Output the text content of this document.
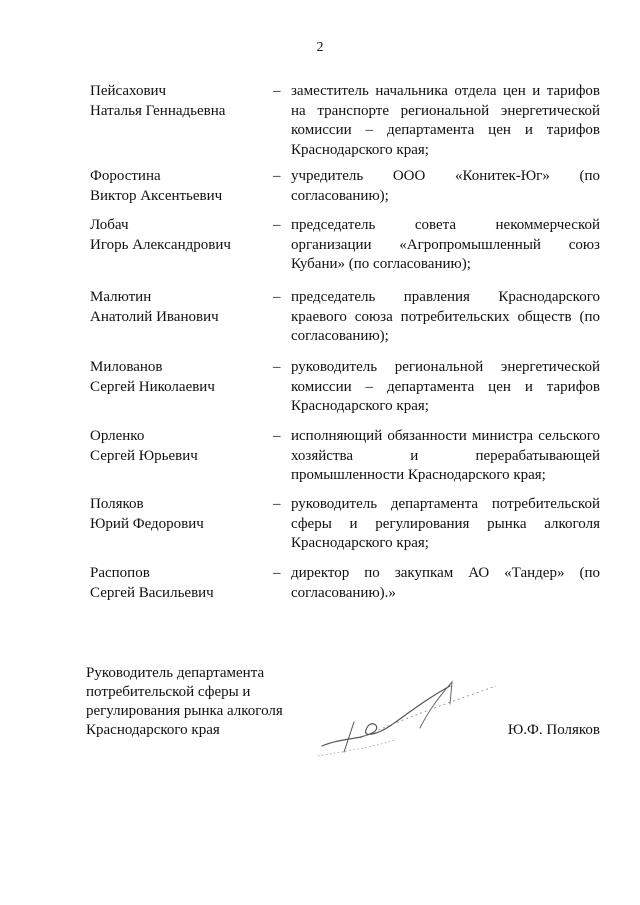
2
Пейсахович
Наталья Геннадьевна
– заместитель начальника отдела цен и тарифов на транспорте региональной энергетической комиссии – департамента цен и тарифов Краснодарского края;
Форостина
Виктор Аксентьевич
– учредитель ООО «Конитек-Юг» (по согласованию);
Лобач
Игорь Александрович
– председатель совета некоммерческой организации «Агропромышленный союз Кубани» (по согласованию);
Малютин
Анатолий Иванович
– председатель правления Краснодарского краевого союза потребительских обществ (по согласованию);
Милованов
Сергей Николаевич
– руководитель региональной энергетической комиссии – департамента цен и тарифов Краснодарского края;
Орленко
Сергей Юрьевич
– исполняющий обязанности министра сельского хозяйства и перерабатывающей промышленности Краснодарского края;
Поляков
Юрий Федорович
– руководитель департамента потребительской сферы и регулирования рынка алкоголя Краснодарского края;
Распопов
Сергей Васильевич
– директор по закупкам АО «Тандер» (по согласованию).»
Руководитель департамента
потребительской сферы и
регулирования рынка алкоголя
Краснодарского края	Ю.Ф. Поляков
